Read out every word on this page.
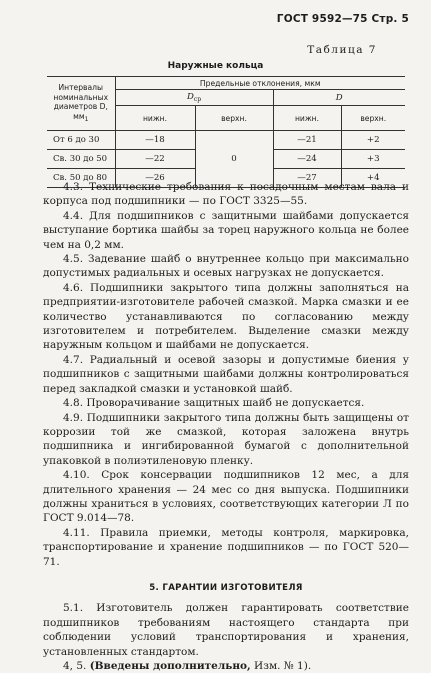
ГОСТ 9592—75 Стр. 5
Таблица 7
Наружные кольца
Интервалы номинальных диаметров D, $мм_1$	Предельные отклонения, мкм			
	$D_{ср}$		D	
	нижн.	верхн.	нижн.	верхн.
От 6 до 30	—18	0	—21	+2
Св. 30 до 50	—22		—24	+3
Св. 50 до 80	—26		—27	+4

4.3. Технические требования к посадочным местам вала и корпуса под подшипники — по ГОСТ 3325—55.

4.4. Для подшипников с защитными шайбами допускается выступание бортика шайбы за торец наружного кольца не более чем на 0,2 мм.

4.5. Задевание шайб о внутреннее кольцо при максимально допустимых радиальных и осевых нагрузках не допускается.

4.6. Подшипники закрытого типа должны заполняться на предприятии-изготовителе рабочей смазкой. Марка смазки и ее количество устанавливаются по согласованию между изготовителем и потребителем. Выделение смазки между наружным кольцом и шайбами не допускается.

4.7. Радиальный и осевой зазоры и допустимые биения у подшипников с защитными шайбами должны контролироваться перед закладкой смазки и установкой шайб.

4.8. Проворачивание защитных шайб не допускается.

4.9. Подшипники закрытого типа должны быть защищены от коррозии той же смазкой, которая заложена внутрь подшипника и ингибированной бумагой с дополнительной упаковкой в полиэтиленовую пленку.

4.10. Срок консервации подшипников 12 мес, а для длительного хранения — 24 мес со дня выпуска. Подшипники должны храниться в условиях, соответствующих категории Л по ГОСТ 9.014—78.

4.11. Правила приемки, методы контроля, маркировка, транспортирование и хранение подшипников — по ГОСТ 520—71.

5. ГАРАНТИИ ИЗГОТОВИТЕЛЯ

5.1. Изготовитель должен гарантировать соответствие подшипников требованиям настоящего стандарта при соблюдении условий транспортирования и хранения, установленных стандартом.

4, 5. (Введены дополнительно, Изм. № 1).
